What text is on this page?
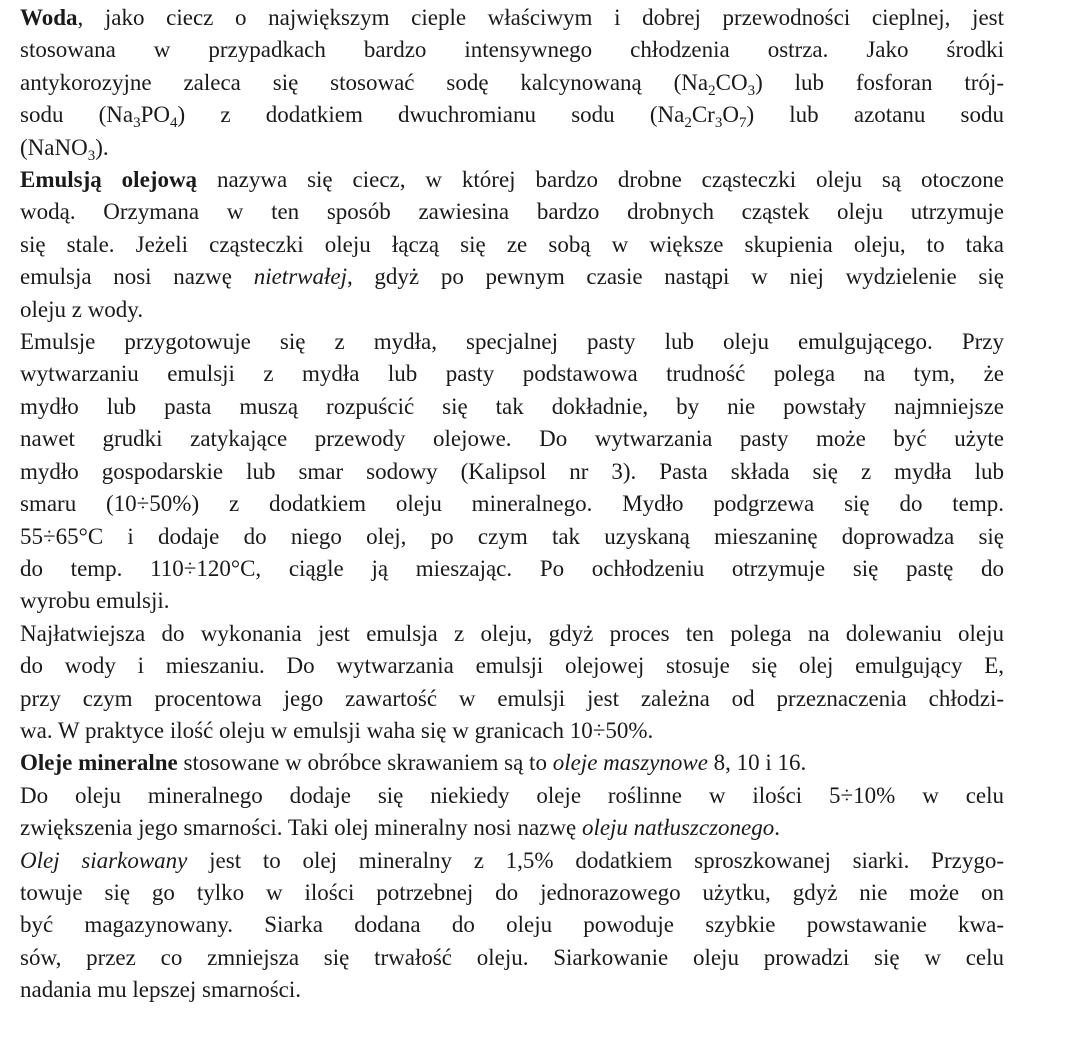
Woda, jako ciecz o największym cieple właściwym i dobrej przewodności cieplnej, jest
stosowana w przypadkach bardzo intensywnego chłodzenia ostrza. Jako środki
antykorozyjne zaleca się stosować sodę kalcynowaną $(Na_2CO_3)$ lub fosforan trój-
sodu $(Na_3PO_4)$ z dodatkiem dwuchromianu sodu $(Na_2Cr_3O_7)$ lub azotanu sodu
(NaNO$_3$).

Emulsją olejową nazywa się ciecz, w której bardzo drobne cząsteczki oleju są otoczone
wodą. Orzymana w ten sposób zawiesina bardzo drobnych cząstek oleju utrzymuje
się stale. Jeżeli cząsteczki oleju łączą się ze sobą w większe skupienia oleju, to taka
emulsja nosi nazwę nietrwałej, gdyż po pewnym czasie nastąpi w niej wydzielenie się
oleju z wody.

Emulsje przygotowuje się z mydła, specjalnej pasty lub oleju emulgującego. Przy
wytwarzaniu emulsji z mydła lub pasty podstawowa trudność polega na tym, że
mydło lub pasta muszą rozpuścić się tak dokładnie, by nie powstały najmniejsze
nawet grudki zatykające przewody olejowe. Do wytwarzania pasty może być użyte
mydło gospodarskie lub smar sodowy (Kalipsol nr 3). Pasta składa się z mydła lub
smaru (10÷50%) z dodatkiem oleju mineralnego. Mydło podgrzewa się do temp.
55÷65°C i dodaje do niego olej, po czym tak uzyskaną mieszaninę doprowadza się
do temp. 110÷120°C, ciągle ją mieszając. Po ochłodzeniu otrzymuje się pastę do
wyrobu emulsji.

Najłatwiejsza do wykonania jest emulsja z oleju, gdyż proces ten polega na dolewaniu oleju
do wody i mieszaniu. Do wytwarzania emulsji olejowej stosuje się olej emulgujący E,
przy czym procentowa jego zawartość w emulsji jest zależna od przeznaczenia chłodzi-
wa. W praktyce ilość oleju w emulsji waha się w granicach 10÷50%.

Oleje mineralne stosowane w obróbce skrawaniem są to oleje maszynowe 8, 10 i 16.

Do oleju mineralnego dodaje się niekiedy oleje roślinne w ilości 5÷10% w celu
zwiększenia jego smarności. Taki olej mineralny nosi nazwę oleju natłuszczonego.

Olej siarkowany jest to olej mineralny z 1,5% dodatkiem sproszkowanej siarki. Przygo-
towuje się go tylko w ilości potrzebnej do jednorazowego użytku, gdyż nie może on
być magazynowany. Siarka dodana do oleju powoduje szybkie powstawanie kwa-
sów, przez co zmniejsza się trwałość oleju. Siarkowanie oleju prowadzi się w celu
nadania mu lepszej smarności.
